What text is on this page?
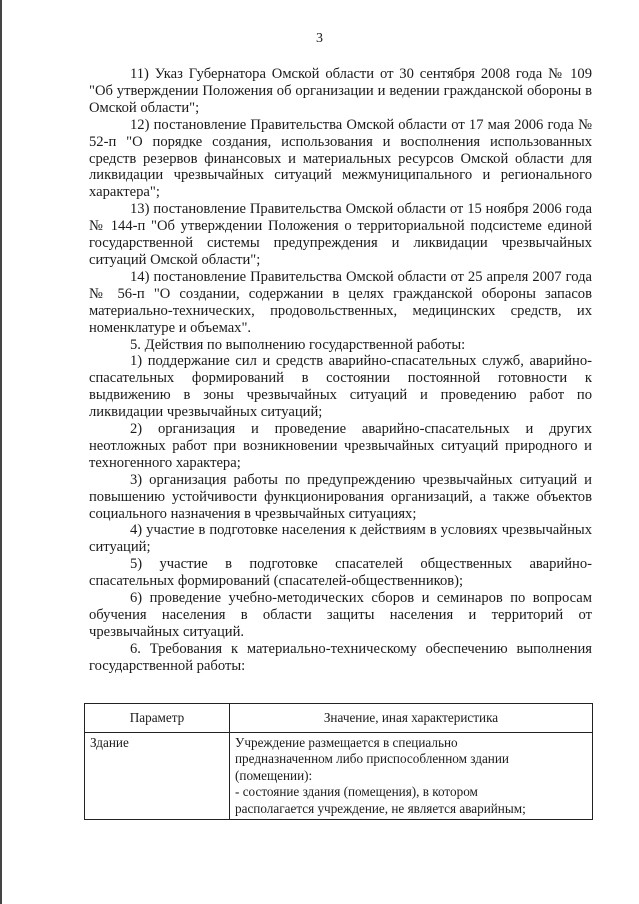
3

11) Указ Губернатора Омской области от 30 сентября 2008 года № 109 "Об утверждении Положения об организации и ведении гражданской обороны в Омской области";

12) постановление Правительства Омской области от 17 мая 2006 года № 52-п "О порядке создания, использования и восполнения использованных средств резервов финансовых и материальных ресурсов Омской области для ликвидации чрезвычайных ситуаций межмуниципального и регионального характера";

13) постановление Правительства Омской области от 15 ноября 2006 года № 144-п "Об утверждении Положения о территориальной подсистеме единой государственной системы предупреждения и ликвидации чрезвычайных ситуаций Омской области";

14) постановление Правительства Омской области от 25 апреля 2007 года № 56-п "О создании, содержании в целях гражданской обороны запасов материально-технических, продовольственных, медицинских средств, их номенклатуре и объемах".

5. Действия по выполнению государственной работы:

1) поддержание сил и средств аварийно-спасательных служб, аварийно-спасательных формирований в состоянии постоянной готовности к выдвижению в зоны чрезвычайных ситуаций и проведению работ по ликвидации чрезвычайных ситуаций;

2) организация и проведение аварийно-спасательных и других неотложных работ при возникновении чрезвычайных ситуаций природного и техногенного характера;

3) организация работы по предупреждению чрезвычайных ситуаций и повышению устойчивости функционирования организаций, а также объектов социального назначения в чрезвычайных ситуациях;

4) участие в подготовке населения к действиям в условиях чрезвычайных ситуаций;

5) участие в подготовке спасателей общественных аварийно-спасательных формирований (спасателей-общественников);

6) проведение учебно-методических сборов и семинаров по вопросам обучения населения в области защиты населения и территорий от чрезвычайных ситуаций.

6. Требования к материально-техническому обеспечению выполнения государственной работы:

Параметр	Значение, иная характеристика
Здание	Учреждение размещается в специально
предназначенном либо приспособленном здании
(помещении):
- состояние здания (помещения), в котором
располагается учреждение, не является аварийным;
